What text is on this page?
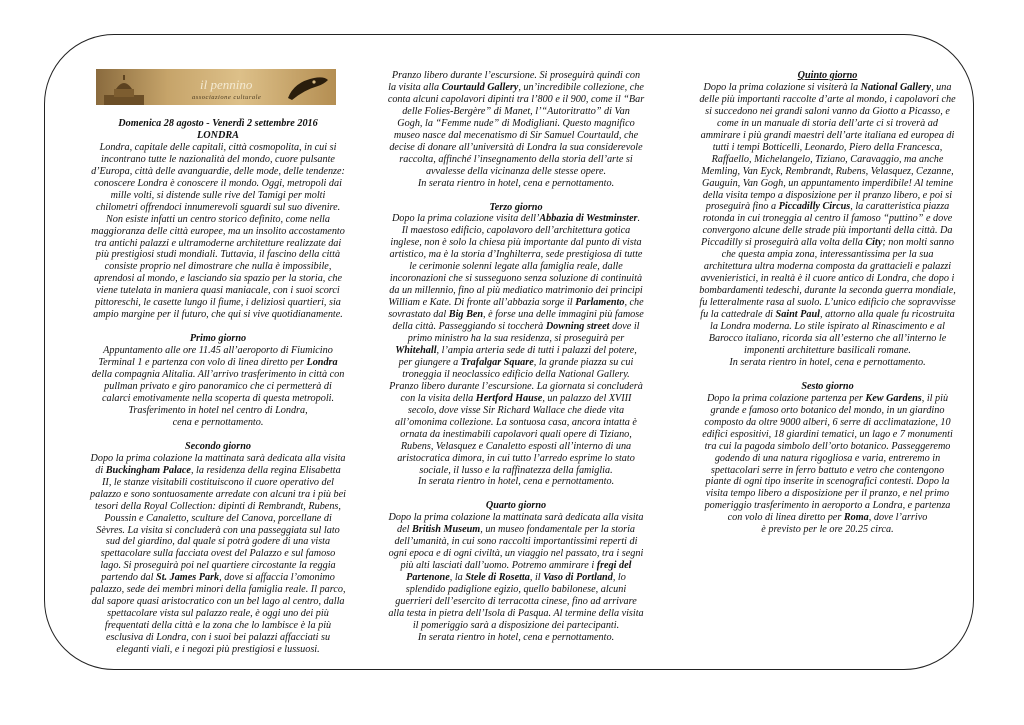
il pennino
associazione culturale

Domenica 28 agosto - Venerdì 2 settembre 2016

LONDRA

Londra, capitale delle capitali, città cosmopolita, in cui si

incontrano tutte le nazionalità del mondo, cuore pulsante

d’Europa, città delle avanguardie, delle mode, delle tendenze:

conoscere Londra è conoscere il mondo. Oggi, metropoli dai

mille volti, si distende sulle rive del Tamigi per molti

chilometri offrendoci innumerevoli sguardi sul suo divenire.

Non esiste infatti un centro storico definito, come nella

maggioranza delle città europee, ma un insolito accostamento

tra antichi palazzi e ultramoderne architetture realizzate dai

più prestigiosi studi mondiali. Tuttavia, il fascino della città

consiste proprio nel dimostrare che nulla è impossibile,

aprendosi al mondo, e lasciando sia spazio per la storia, che

viene tutelata in maniera quasi maniacale, con i suoi scorci

pittoreschi, le casette lungo il fiume, i deliziosi quartieri, sia

ampio margine per il futuro, che qui si vive quotidianamente.

Primo giorno

Appuntamento alle ore 11.45 all’aeroporto di Fiumicino

Terminal 1 e partenza con volo di linea diretto per Londra

della compagnia Alitalia. All’arrivo trasferimento in città con

pullman privato e giro panoramico che ci permetterà di

calarci emotivamente nella scoperta di questa metropoli.

Trasferimento in hotel nel centro di Londra,

cena e pernottamento.

Secondo giorno

Dopo la prima colazione la mattinata sarà dedicata alla visita

di Buckingham Palace, la residenza della regina Elisabetta

II, le stanze visitabili costituiscono il cuore operativo del

palazzo e sono sontuosamente arredate con alcuni tra i più bei

tesori della Royal Collection: dipinti di Rembrandt, Rubens,

Poussin e Canaletto, sculture del Canova, porcellane di

Sèvres. La visita si concluderà con una passeggiata sul lato

sud del giardino, dal quale si potrà godere di una vista

spettacolare sulla facciata ovest del Palazzo e sul famoso

lago. Si proseguirà poi nel quartiere circostante la reggia

partendo dal St. James Park, dove si affaccia l’omonimo

palazzo, sede dei membri minori della famiglia reale. Il parco,

dal sapore quasi aristocratico con un bel lago al centro, dalla

spettacolare vista sul palazzo reale, è oggi uno dei più

frequentati della città e la zona che lo lambisce è la più

esclusiva di Londra, con i suoi bei palazzi affacciati su

eleganti viali, e i negozi più prestigiosi e lussuosi.

Pranzo libero durante l’escursione. Si proseguirà quindi con

la visita alla Courtauld Gallery, un’incredibile collezione, che

conta alcuni capolavori dipinti tra l’800 e il 900, come il “Bar

delle Folies-Bergère” di Manet, l’“Autoritratto” di Van

Gogh, la “Femme nude” di Modigliani. Questo magnifico

museo nasce dal mecenatismo di Sir Samuel Courtauld, che

decise di donare all’università di Londra la sua considerevole

raccolta, affinché l’insegnamento della storia dell’arte si

avvalesse della vicinanza delle stesse opere.

In serata rientro in hotel, cena e pernottamento.

Terzo giorno

Dopo la prima colazione visita dell’Abbazia di Westminster.

Il maestoso edificio, capolavoro dell’architettura gotica

inglese, non è solo la chiesa più importante dal punto di vista

artistico, ma è la storia d’Inghilterra, sede prestigiosa di tutte

le cerimonie solenni legate alla famiglia reale, dalle

incoronazioni che si susseguono senza soluzione di continuità

da un millennio, fino al più mediatico matrimonio dei principi

William e Kate. Di fronte all’abbazia sorge il Parlamento, che

sovrastato dal Big Ben, è forse una delle immagini più famose

della città. Passeggiando si toccherà Downing street dove il

primo ministro ha la sua residenza, si proseguirà per

Whitehall, l’ampia arteria sede di tutti i palazzi del potere,

per giungere a Trafalgar Square, la grande piazza su cui

troneggia il neoclassico edificio della National Gallery.

Pranzo libero durante l’escursione. La giornata si concluderà

con la visita della Hertford Hause, un palazzo del XVIII

secolo, dove visse Sir Richard Wallace che diede vita

all’omonima collezione. La sontuosa casa, ancora intatta è

ornata da inestimabili capolavori quali opere di Tiziano,

Rubens, Velasquez e Canaletto esposti all’interno di una

aristocratica dimora, in cui tutto l’arredo esprime lo stato

sociale, il lusso e la raffinatezza della famiglia.

In serata rientro in hotel, cena e pernottamento.

Quarto giorno

Dopo la prima colazione la mattinata sarà dedicata alla visita

del British Museum, un museo fondamentale per la storia

dell’umanità, in cui sono raccolti importantissimi reperti di

ogni epoca e di ogni civiltà, un viaggio nel passato, tra i segni

più alti lasciati dall’uomo. Potremo ammirare i fregi del

Partenone, la Stele di Rosetta, il Vaso di Portland, lo

splendido padiglione egizio, quello babilonese, alcuni

guerrieri dell’esercito di terracotta cinese, fino ad arrivare

alla testa in pietra dell’Isola di Pasqua. Al termine della visita

il pomeriggio sarà a disposizione dei partecipanti.

In serata rientro in hotel, cena e pernottamento.

Quinto giorno

Dopo la prima colazione si visiterà la National Gallery, una

delle più importanti raccolte d’arte al mondo, i capolavori che

si succedono nei grandi saloni vanno da Giotto a Picasso, e

come in un manuale di storia dell’arte ci si troverà ad

ammirare i più grandi maestri dell’arte italiana ed europea di

tutti i tempi Botticelli, Leonardo, Piero della Francesca,

Raffaello, Michelangelo, Tiziano, Caravaggio, ma anche

Memling, Van Eyck, Rembrandt, Rubens, Velasquez, Cezanne,

Gauguin, Van Gogh, un appuntamento imperdibile! Al temine

della visita tempo a disposizione per il pranzo libero, e poi si

proseguirà fino a Piccadilly Circus, la caratteristica piazza

rotonda in cui troneggia al centro il famoso “puttino” e dove

convergono alcune delle strade più importanti della città. Da

Piccadilly si proseguirà alla volta della City; non molti sanno

che questa ampia zona, interessantissima per la sua

architettura ultra moderna composta da grattacieli e palazzi

avvenieristici, in realtà è il cuore antico di Londra, che dopo i

bombardamenti tedeschi, durante la seconda guerra mondiale,

fu letteralmente rasa al suolo. L’unico edificio che sopravvisse

fu la cattedrale di Saint Paul, attorno alla quale fu ricostruita

la Londra moderna. Lo stile ispirato al Rinascimento e al

Barocco italiano, ricorda sia all’esterno che all’interno le

imponenti architetture basilicali romane.

In serata rientro in hotel, cena e pernottamento.

Sesto giorno

Dopo la prima colazione partenza per Kew Gardens, il più

grande e famoso orto botanico del mondo, in un giardino

composto da oltre 9000 alberi, 6 serre di acclimatazione, 10

edifici espositivi, 18 giardini tematici, un lago e 7 monumenti

tra cui la pagoda simbolo dell’orto botanico. Passeggeremo

godendo di una natura rigogliosa e varia, entreremo in

spettacolari serre in ferro battuto e vetro che contengono

piante di ogni tipo inserite in scenografici contesti. Dopo la

visita tempo libero a disposizione per il pranzo, e nel primo

pomeriggio trasferimento in aeroporto a Londra, e partenza

con volo di linea diretto per Roma, dove l’arrivo

è previsto per le ore 20.25 circa.
